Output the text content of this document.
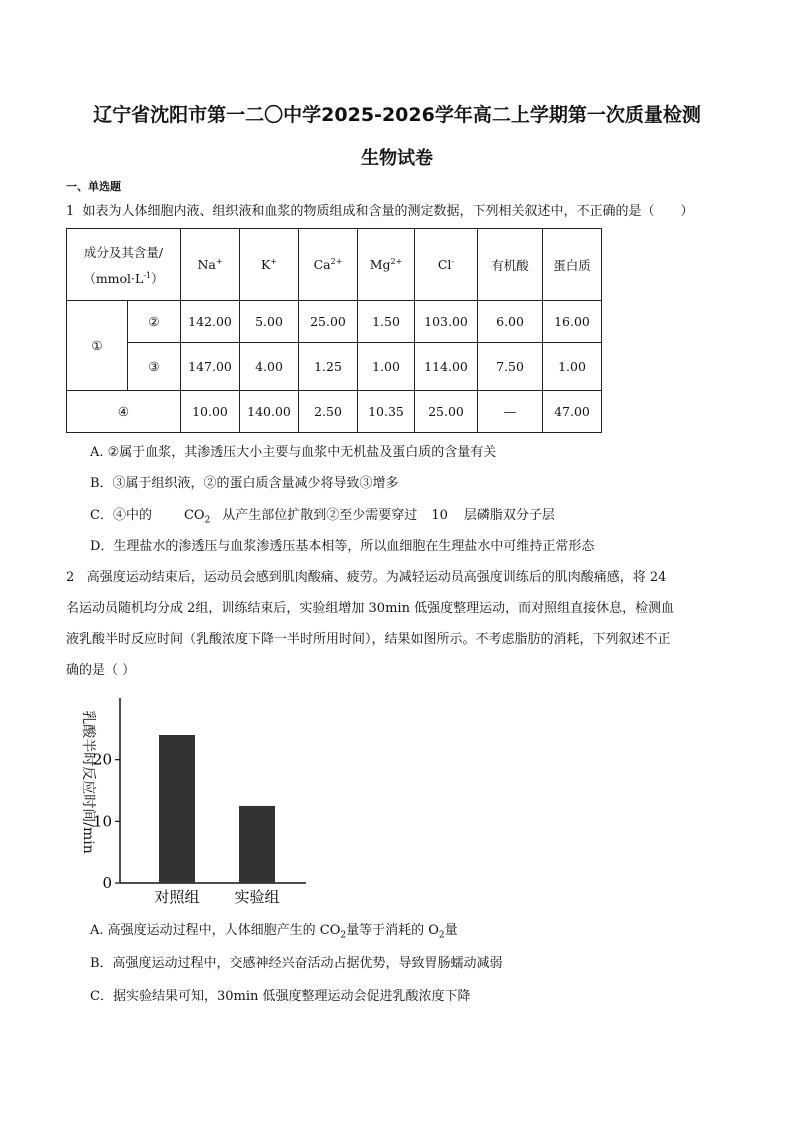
辽宁省沈阳市第一二〇中学2025-2026学年高二上学期第一次质量检测
生物试卷
一、单选题
1 如表为人体细胞内液、组织液和血浆的物质组成和含量的测定数据，下列相关叙述中，不正确的是（　　）
成分及其含量/
$(mmol\cdot L^{-1})$		Na+	K+	$Ca^{2+}$	$Mg^{2+}$	Cl-	有机酸	蛋白质
①	②	142.00	5.00	25.00	1.50	103.00	6.00	16.00
	③	147.00	4.00	1.25	1.00	114.00	7.50	1.00
④		10.00	140.00	2.50	10.35	25.00	—	47.00
A. ②属于血浆，其渗透压大小主要与血浆中无机盐及蛋白质的含量有关
B．③属于组织液，②的蛋白质含量减少将导致③增多
C．④中的 $CO_2$ 从产生部位扩散到②至少需要穿过 10 层磷脂双分子层
D．生理盐水的渗透压与血浆渗透压基本相等，所以血细胞在生理盐水中可维持正常形态
2 高强度运动结束后，运动员会感到肌肉酸痛、疲劳。为减轻运动员高强度训练后的肌肉酸痛感，将 24
名运动员随机均分成 2组，训练结束后，实验组增加 30min 低强度整理运动，而对照组直接休息，检测血
液乳酸半时反应时间（乳酸浓度下降一半时所用时间），结果如图所示。不考虑脂肪的消耗，下列叙述不正
确的是（ ）
乳酸半时反应时间/min
0
10
20
对照组 实验组
A. 高强度运动过程中，人体细胞产生的 $CO_2$量等于消耗的 $O_2$量
B．高强度运动过程中，交感神经兴奋活动占据优势，导致胃肠蠕动减弱
C．据实验结果可知，30min 低强度整理运动会促进乳酸浓度下降
